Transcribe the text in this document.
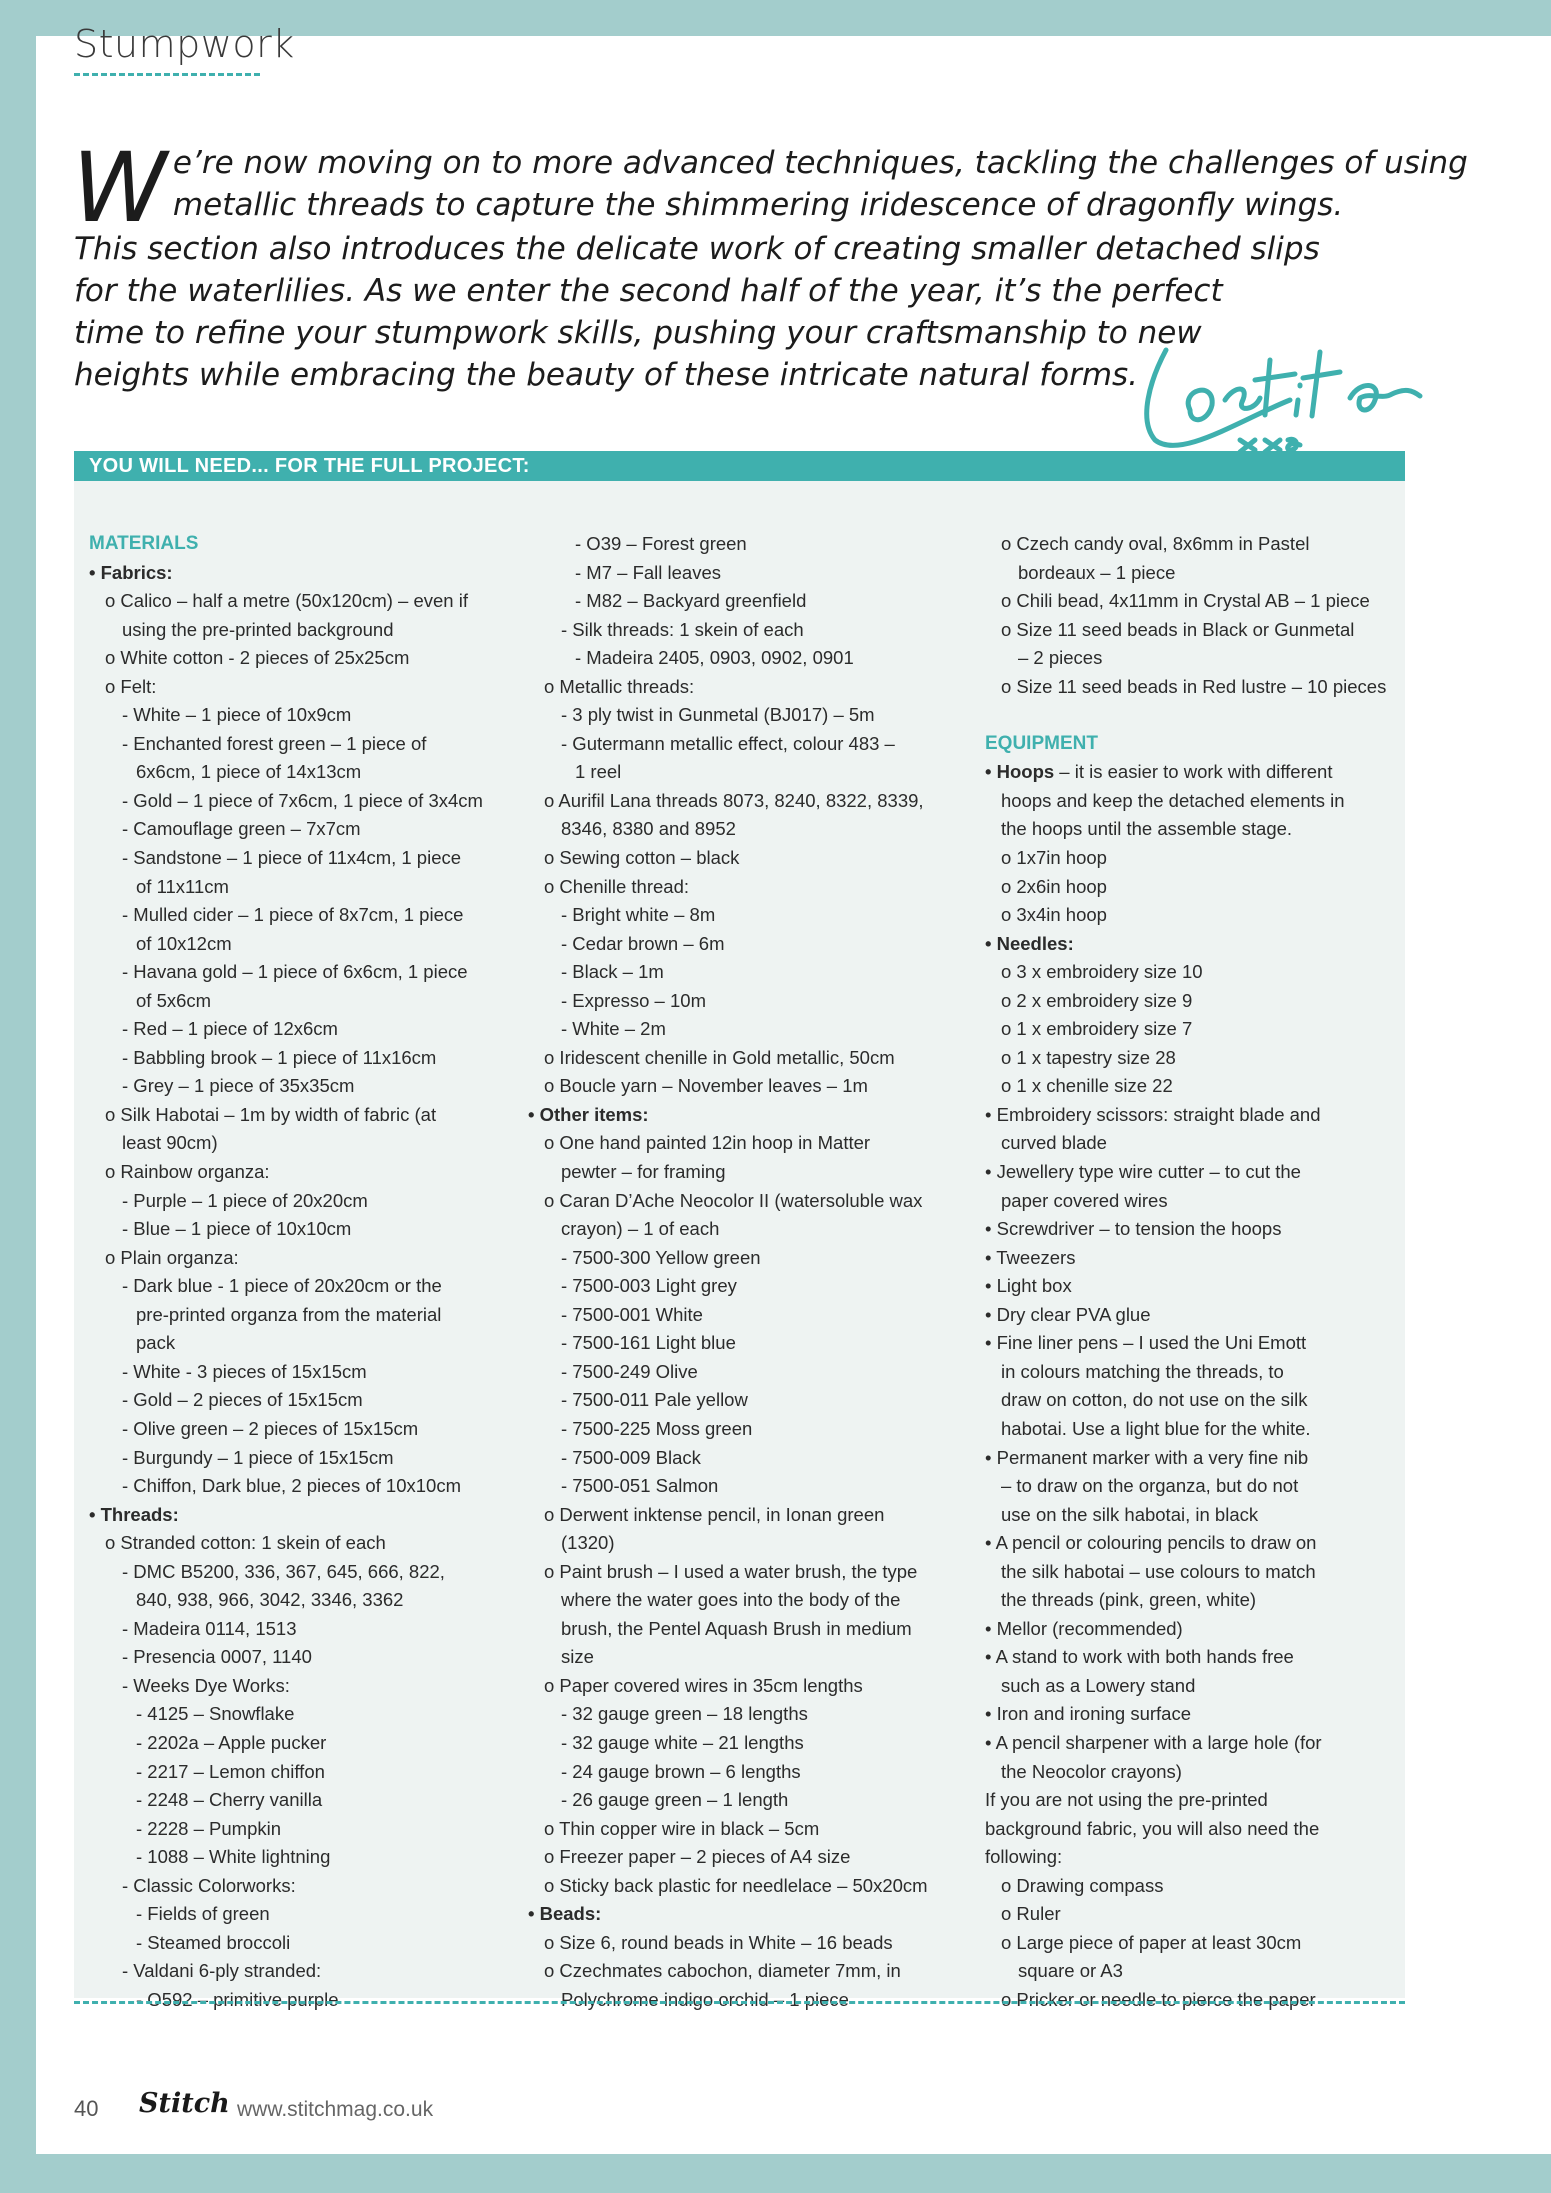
Stumpwork
W e’re now moving on to more advanced techniques, tackling the challenges of using
metallic threads to capture the shimmering iridescence of dragonfly wings.
This section also introduces the delicate work of creating smaller detached slips
for the waterlilies. As we enter the second half of the year, it’s the perfect
time to refine your stumpwork skills, pushing your craftsmanship to new
heights while embracing the beauty of these intricate natural forms.
YOU WILL NEED... FOR THE FULL PROJECT:
MATERIALS
• Fabrics:
o Calico – half a metre (50x120cm) – even if
using the pre-printed background
o White cotton - 2 pieces of 25x25cm
o Felt:
- White – 1 piece of 10x9cm
- Enchanted forest green – 1 piece of
6x6cm, 1 piece of 14x13cm
- Gold – 1 piece of 7x6cm, 1 piece of 3x4cm
- Camouflage green – 7x7cm
- Sandstone – 1 piece of 11x4cm, 1 piece
of 11x11cm
- Mulled cider – 1 piece of 8x7cm, 1 piece
of 10x12cm
- Havana gold – 1 piece of 6x6cm, 1 piece
of 5x6cm
- Red – 1 piece of 12x6cm
- Babbling brook – 1 piece of 11x16cm
- Grey – 1 piece of 35x35cm
o Silk Habotai – 1m by width of fabric (at
least 90cm)
o Rainbow organza:
- Purple – 1 piece of 20x20cm
- Blue – 1 piece of 10x10cm
o Plain organza:
- Dark blue - 1 piece of 20x20cm or the
pre-printed organza from the material
pack
- White - 3 pieces of 15x15cm
- Gold – 2 pieces of 15x15cm
- Olive green – 2 pieces of 15x15cm
- Burgundy – 1 piece of 15x15cm
- Chiffon, Dark blue, 2 pieces of 10x10cm
• Threads:
o Stranded cotton: 1 skein of each
- DMC B5200, 336, 367, 645, 666, 822,
840, 938, 966, 3042, 3346, 3362
- Madeira 0114, 1513
- Presencia 0007, 1140
- Weeks Dye Works:
- 4125 – Snowflake
- 2202a – Apple pucker
- 2217 – Lemon chiffon
- 2248 – Cherry vanilla
- 2228 – Pumpkin
- 1088 – White lightning
- Classic Colorworks:
- Fields of green
- Steamed broccoli
- Valdani 6-ply stranded:
- O592 – primitive purple
- O39 – Forest green
- M7 – Fall leaves
- M82 – Backyard greenfield
- Silk threads: 1 skein of each
- Madeira 2405, 0903, 0902, 0901
o Metallic threads:
- 3 ply twist in Gunmetal (BJ017) – 5m
- Gutermann metallic effect, colour 483 –
1 reel
o Aurifil Lana threads 8073, 8240, 8322, 8339,
8346, 8380 and 8952
o Sewing cotton – black
o Chenille thread:
- Bright white – 8m
- Cedar brown – 6m
- Black – 1m
- Expresso – 10m
- White – 2m
o Iridescent chenille in Gold metallic, 50cm
o Boucle yarn – November leaves – 1m
• Other items:
o One hand painted 12in hoop in Matter
pewter – for framing
o Caran D’Ache Neocolor II (watersoluble wax
crayon) – 1 of each
- 7500-300 Yellow green
- 7500-003 Light grey
- 7500-001 White
- 7500-161 Light blue
- 7500-249 Olive
- 7500-011 Pale yellow
- 7500-225 Moss green
- 7500-009 Black
- 7500-051 Salmon
o Derwent inktense pencil, in Ionan green
(1320)
o Paint brush – I used a water brush, the type
where the water goes into the body of the
brush, the Pentel Aquash Brush in medium
size
o Paper covered wires in 35cm lengths
- 32 gauge green – 18 lengths
- 32 gauge white – 21 lengths
- 24 gauge brown – 6 lengths
- 26 gauge green – 1 length
o Thin copper wire in black – 5cm
o Freezer paper – 2 pieces of A4 size
o Sticky back plastic for needlelace – 50x20cm
• Beads:
o Size 6, round beads in White – 16 beads
o Czechmates cabochon, diameter 7mm, in
Polychrome indigo orchid – 1 piece
o Czech candy oval, 8x6mm in Pastel
bordeaux – 1 piece
o Chili bead, 4x11mm in Crystal AB – 1 piece
o Size 11 seed beads in Black or Gunmetal
– 2 pieces
o Size 11 seed beads in Red lustre – 10 pieces
EQUIPMENT
• Hoops – it is easier to work with different
hoops and keep the detached elements in
the hoops until the assemble stage.
o 1x7in hoop
o 2x6in hoop
o 3x4in hoop
• Needles:
o 3 x embroidery size 10
o 2 x embroidery size 9
o 1 x embroidery size 7
o 1 x tapestry size 28
o 1 x chenille size 22
• Embroidery scissors: straight blade and
curved blade
• Jewellery type wire cutter – to cut the
paper covered wires
• Screwdriver – to tension the hoops
• Tweezers
• Light box
• Dry clear PVA glue
• Fine liner pens – I used the Uni Emott
in colours matching the threads, to
draw on cotton, do not use on the silk
habotai. Use a light blue for the white.
• Permanent marker with a very fine nib
– to draw on the organza, but do not
use on the silk habotai, in black
• A pencil or colouring pencils to draw on
the silk habotai – use colours to match
the threads (pink, green, white)
• Mellor (recommended)
• A stand to work with both hands free
such as a Lowery stand
• Iron and ironing surface
• A pencil sharpener with a large hole (for
the Neocolor crayons)
If you are not using the pre-printed
background fabric, you will also need the
following:
o Drawing compass
o Ruler
o Large piece of paper at least 30cm
square or A3
o Pricker or needle to pierce the paper
40 Stitch www.stitchmag.co.uk
